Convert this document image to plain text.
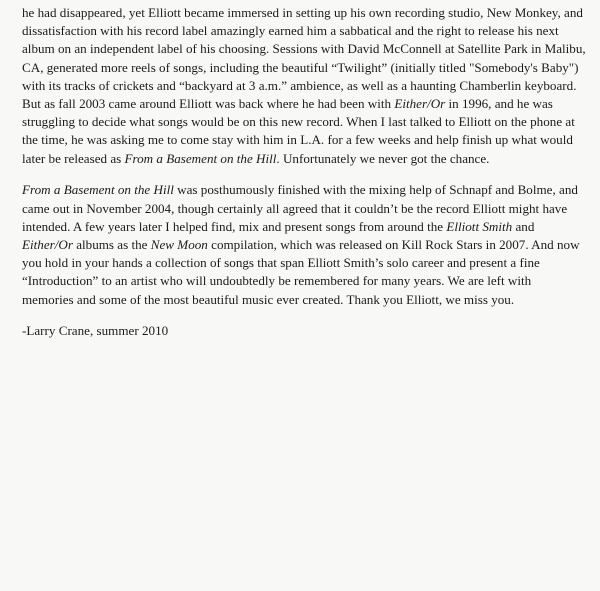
he had disappeared, yet Elliott became immersed in setting up his own recording studio, New Monkey, and
dissatisfaction with his record label amazingly earned him a sabbatical and the right to release his next
album on an independent label of his choosing. Sessions with David McConnell at Satellite Park in Malibu,
CA, generated more reels of songs, including the beautiful “Twilight” (initially titled "Somebody's Baby")
with its tracks of crickets and “backyard at 3 a.m.” ambience, as well as a haunting Chamberlin keyboard.
But as fall 2003 came around Elliott was back where he had been with Either/Or in 1996, and he was
struggling to decide what songs would be on this new record. When I last talked to Elliott on the phone at
the time, he was asking me to come stay with him in L.A. for a few weeks and help finish up what would
later be released as From a Basement on the Hill. Unfortunately we never got the chance.

From a Basement on the Hill was posthumously finished with the mixing help of Schnapf and Bolme, and
came out in November 2004, though certainly all agreed that it couldn’t be the record Elliott might have
intended. A few years later I helped find, mix and present songs from around the Elliott Smith and
Either/Or albums as the New Moon compilation, which was released on Kill Rock Stars in 2007. And now
you hold in your hands a collection of songs that span Elliott Smith’s solo career and present a fine
“Introduction” to an artist who will undoubtedly be remembered for many years. We are left with
memories and some of the most beautiful music ever created. Thank you Elliott, we miss you.

-Larry Crane, summer 2010
